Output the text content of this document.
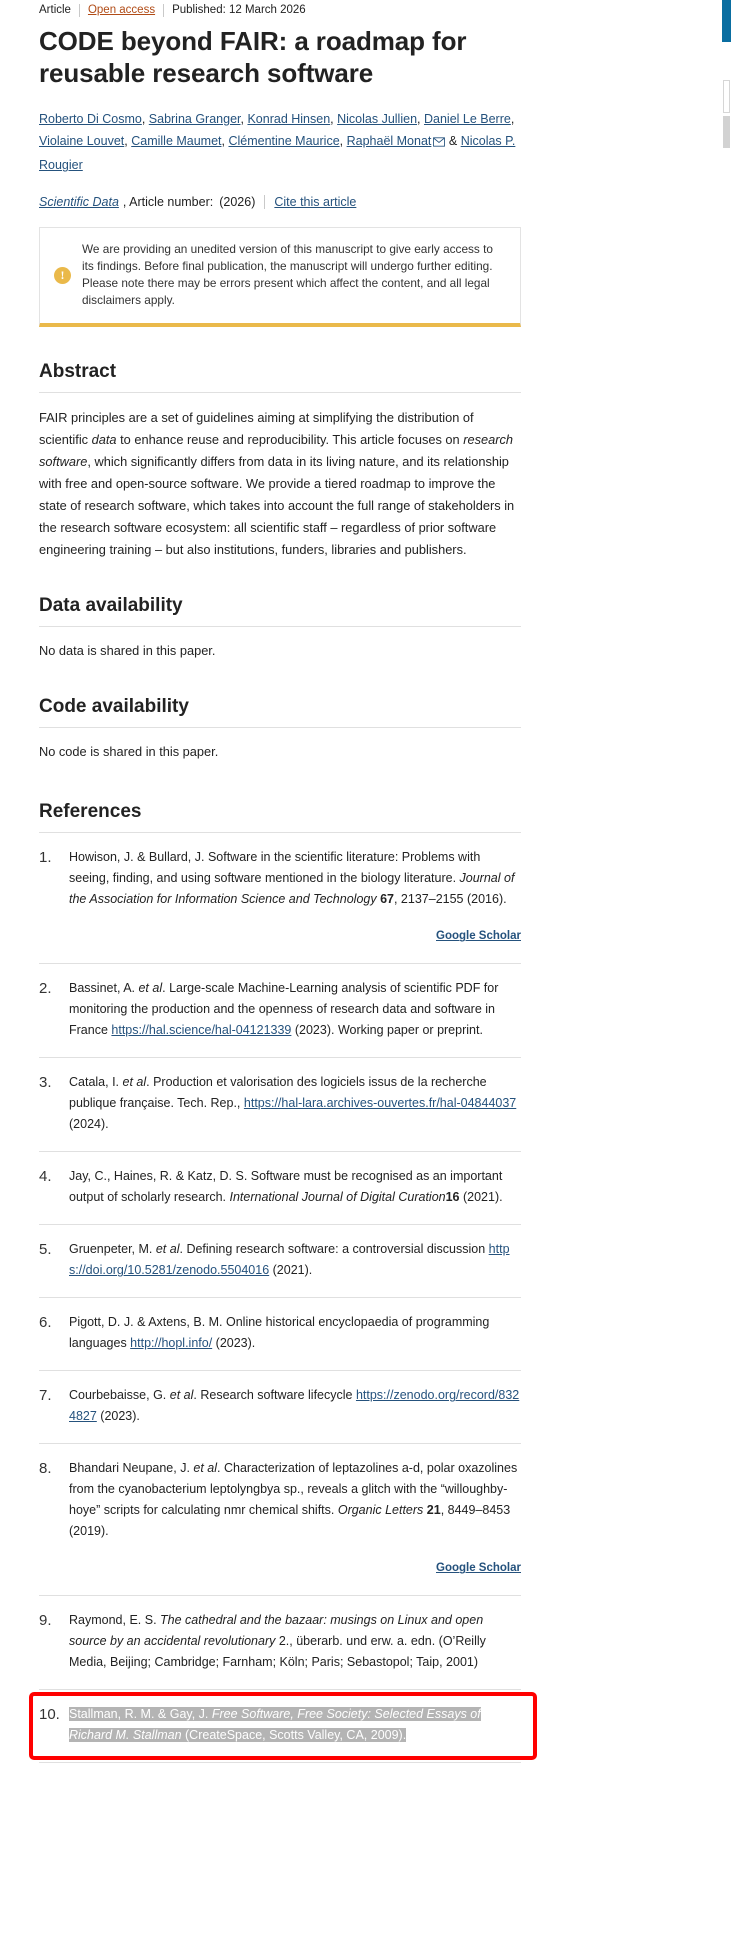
Article Open access Published: 12 March 2026
CODE beyond FAIR: a roadmap for reusable research software
Roberto Di Cosmo, Sabrina Granger, Konrad Hinsen, Nicolas Jullien, Daniel Le Berre, Violaine Louvet, Camille Maumet, Clémentine Maurice, Raphaël Monat & Nicolas P. Rougier
Scientific Data , Article number: (2026) Cite this article
!

We are providing an unedited version of this manuscript to give early access to its findings. Before final publication, the manuscript will undergo further editing. Please note there may be errors present which affect the content, and all legal disclaimers apply.

Abstract
FAIR principles are a set of guidelines aiming at simplifying the distribution of scientific data to enhance reuse and reproducibility. This article focuses on research software, which significantly differs from data in its living nature, and its relationship with free and open-source software. We provide a tiered roadmap to improve the state of research software, which takes into account the full range of stakeholders in the research software ecosystem: all scientific staff – regardless of prior software engineering training – but also institutions, funders, libraries and publishers.
Data availability
No data is shared in this paper.
Code availability
No code is shared in this paper.
References
1.	Howison, J. & Bullard, J. Software in the scientific literature: Problems with seeing, finding, and using software mentioned in the biology literature. Journal of the Association for Information Science and Technology 67, 2137–2155 (2016).
Google Scholar
2.	Bassinet, A. et al. Large-scale Machine-Learning analysis of scientific PDF for monitoring the production and the openness of research data and software in France https://hal.science/hal-04121339 (2023). Working paper or preprint.
3.	Catala, I. et al. Production et valorisation des logiciels issus de la recherche publique française. Tech. Rep., https://hal-lara.archives-ouvertes.fr/hal-04844037 (2024).
4.	Jay, C., Haines, R. & Katz, D. S. Software must be recognised as an important output of scholarly research. International Journal of Digital Curation16 (2021).
5.	Gruenpeter, M. et al. Defining research software: a controversial discussion https://doi.org/10.5281/zenodo.5504016 (2021).
6.	Pigott, D. J. & Axtens, B. M. Online historical encyclopaedia of programming languages http://hopl.info/ (2023).
7.	Courbebaisse, G. et al. Research software lifecycle https://zenodo.org/record/8324827 (2023).
8.	Bhandari Neupane, J. et al. Characterization of leptazolines a-d, polar oxazolines from the cyanobacterium leptolyngbya sp., reveals a glitch with the “willoughby-hoye” scripts for calculating nmr chemical shifts. Organic Letters 21, 8449–8453 (2019).
Google Scholar
9.	Raymond, E. S. The cathedral and the bazaar: musings on Linux and open source by an accidental revolutionary 2., überarb. und erw. a. edn. (O’Reilly Media, Beijing; Cambridge; Farnham; Köln; Paris; Sebastopol; Taip, 2001)
10. Stallman, R. M. & Gay, J. Free Software, Free Society: Selected Essays of Richard M. Stallman (CreateSpace, Scotts Valley, CA, 2009).
